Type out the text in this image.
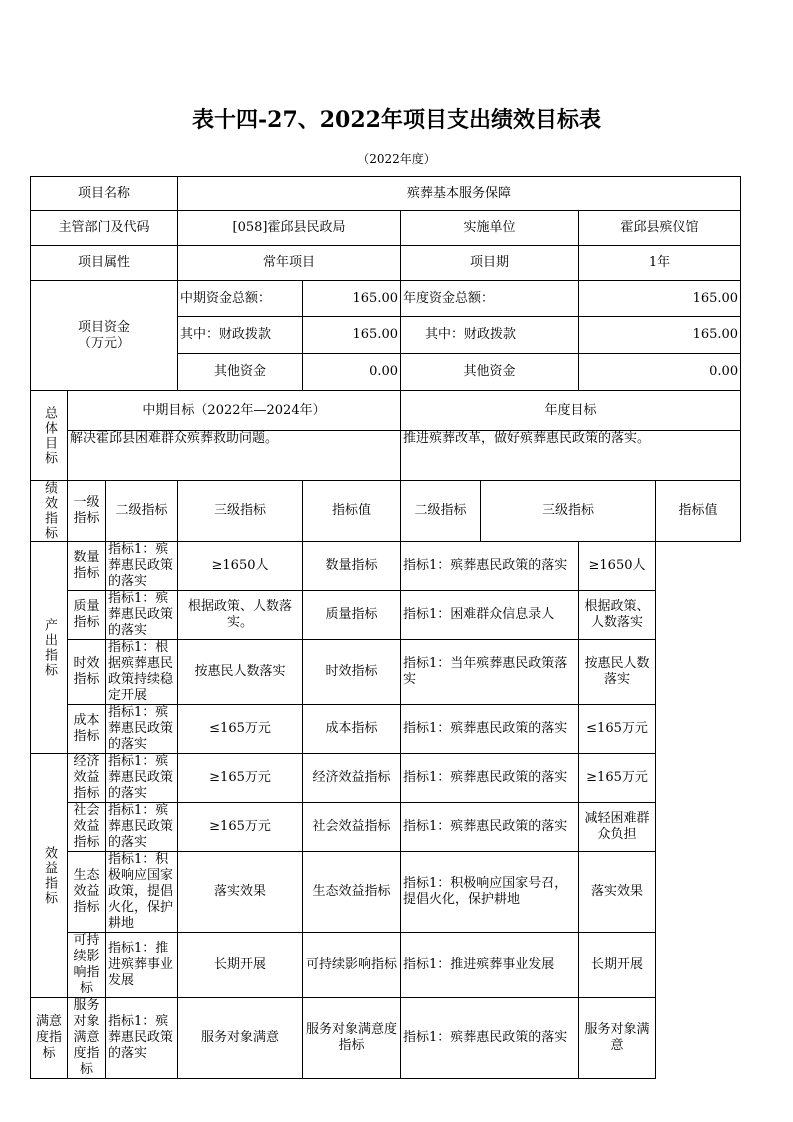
表十四-27、2022年项目支出绩效目标表
（2022年度）
项目名称			殡葬基本服务保障					
主管部门及代码			[058]霍邱县民政局		实施单位		霍邱县殡仪馆	
项目属性			常年项目		项目期		1年	
项目资金（万元）			中期资金总额：	165.00	年度资金总额：		165.00	
			其中：财政拨款	165.00	其中：财政拨款		165.00	
			其他资金	0.00	其他资金		0.00	
总体目标	中期目标（2022年—2024年）				年度目标			
	解决霍邱县困难群众殡葬救助问题。				推进殡葬改革，做好殡葬惠民政策的落实。			
绩效指标	一级指标	二级指标	三级指标	指标值	二级指标	三级指标		指标值
产出指标	数量指标	指标1：殡葬惠民政策的落实	≥1650人	数量指标	指标1：殡葬惠民政策的落实		≥1650人	
	质量指标	指标1：殡葬惠民政策的落实	根据政策、人数落实。	质量指标	指标1：困难群众信息录人		根据政策、人数落实	
	时效指标	指标1：根据殡葬惠民政策持续稳定开展	按惠民人数落实	时效指标	指标1：当年殡葬惠民政策落实		按惠民人数落实	
	成本指标	指标1：殡葬惠民政策的落实	≤165万元	成本指标	指标1：殡葬惠民政策的落实		≤165万元	
效益指标	经济效益指标	指标1：殡葬惠民政策的落实	≥165万元	经济效益指标	指标1：殡葬惠民政策的落实		≥165万元	
	社会效益指标	指标1：殡葬惠民政策的落实	≥165万元	社会效益指标	指标1：殡葬惠民政策的落实		减轻困难群众负担	
	生态效益指标	指标1：积极响应国家政策，提倡火化，保护耕地	落实效果	生态效益指标	指标1：积极响应国家号召，提倡火化，保护耕地		落实效果	
	可持续影响指标	指标1：推进殡葬事业发展	长期开展	可持续影响指标	指标1：推进殡葬事业发展		长期开展	
满意度指标	服务对象满意度指标	指标1：殡葬惠民政策的落实	服务对象满意	服务对象满意度指标	指标1：殡葬惠民政策的落实		服务对象满意	
